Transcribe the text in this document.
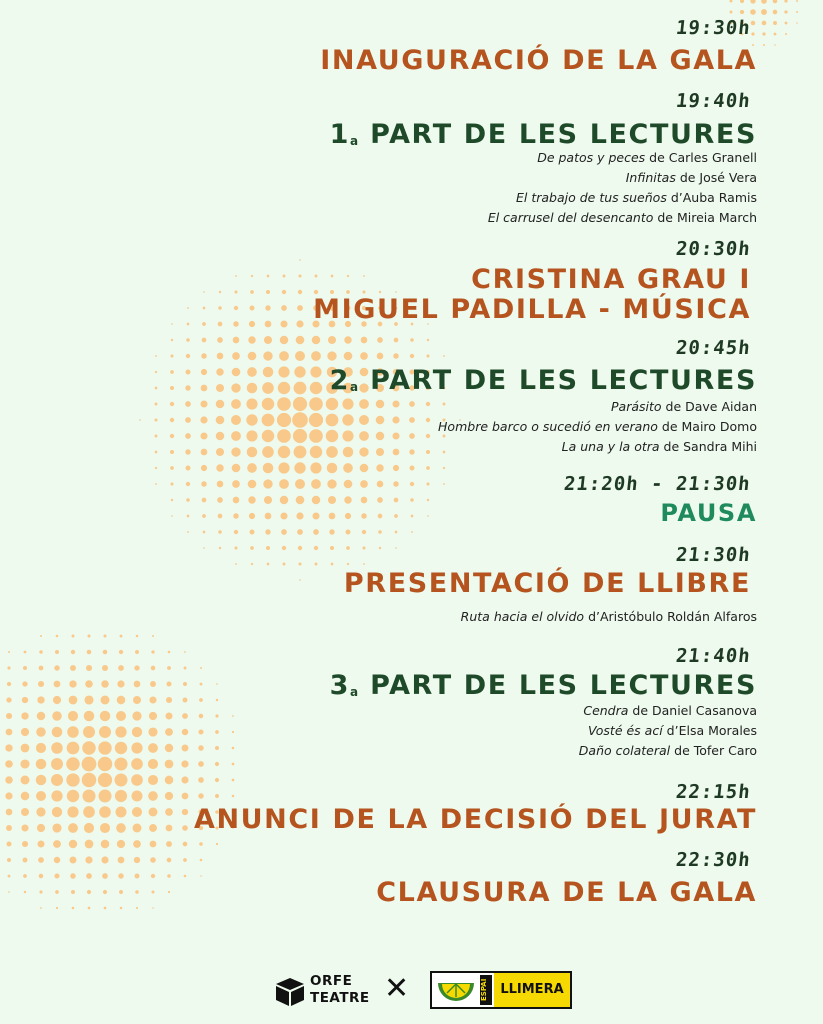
19:30h
INAUGURACIÓ DE LA GALA
19:40h
1a PART DE LES LECTURES
De patos y peces de Carles Granell
Infinitas de José Vera
El trabajo de tus sueños d’Auba Ramis
El carrusel del desencanto de Mireia March
20:30h
CRISTINA GRAU I
MIGUEL PADILLA - MÚSICA
20:45h
2a PART DE LES LECTURES
Parásito de Dave Aidan
Hombre barco o sucedió en verano de Mairo Domo
La una y la otra de Sandra Mihi
21:20h - 21:30h
PAUSA
21:30h
PRESENTACIÓ DE LLIBRE
Ruta hacia el olvido d’Aristóbulo Roldán Alfaros
21:40h
3a PART DE LES LECTURES
Cendra de Daniel Casanova
Vosté és ací d’Elsa Morales
Daño colateral de Tofer Caro
22:15h
ANUNCI DE LA DECISIÓ DEL JURAT
22:30h
CLAUSURA DE LA GALA
ORFE
TEATRE ✕	ESPAI LLIMERA
